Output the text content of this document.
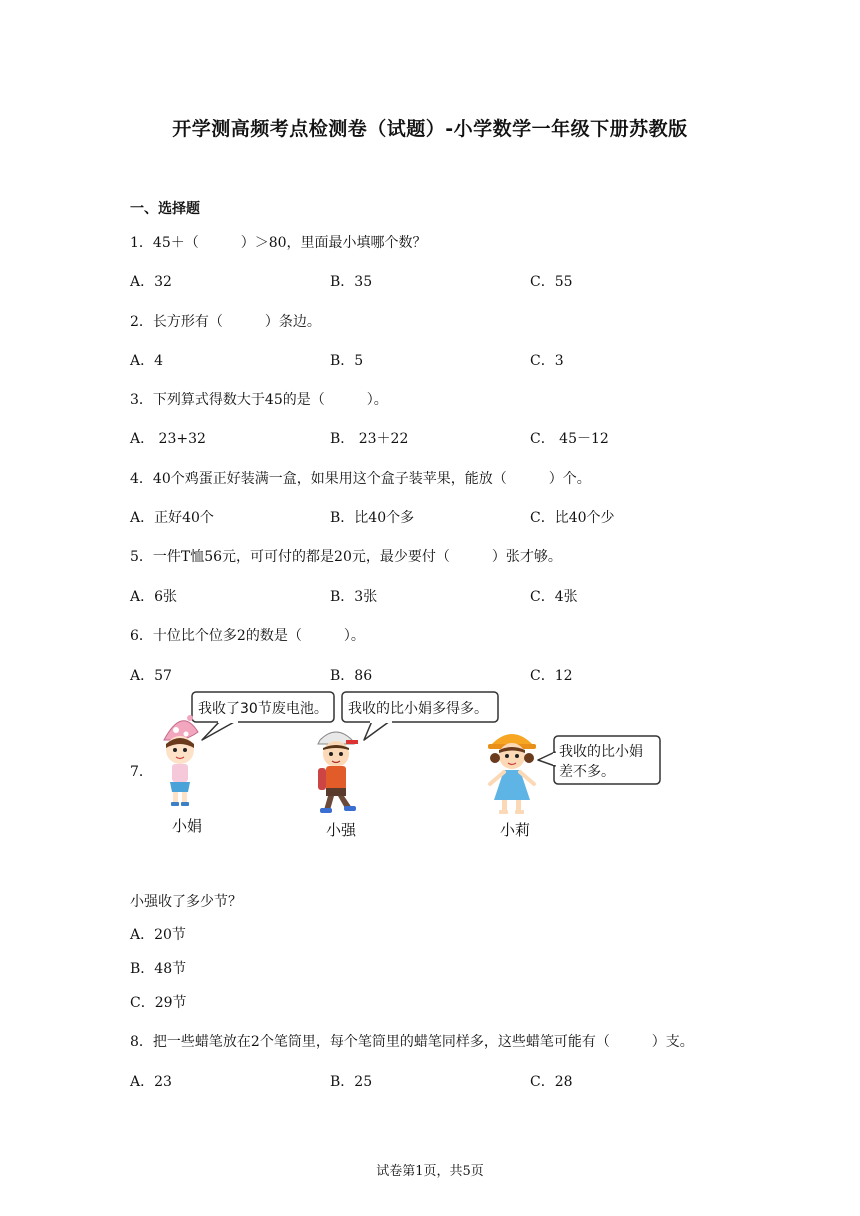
开学测高频考点检测卷（试题）-小学数学一年级下册苏教版
一、选择题
1．45＋（　　　）＞80，里面最小填哪个数？
A．32	B．35	C．55
2．长方形有（　　　）条边。
A．4	B．5	C．3
3．下列算式得数大于45的是（　　　）。
A． 23+32	B． 23＋22	C． 45－12
4．40个鸡蛋正好装满一盒，如果用这个盒子装苹果，能放（　　　）个。
A．正好40个	B．比40个多	C．比40个少
5．一件T恤56元，可可付的都是20元，最少要付（　　　）张才够。
A．6张	B．3张	C．4张
6．十位比个位多2的数是（　　　）。
A．57	B．86	C．12
7．
我收了30节废电池。 我收的比小娟多得多。
我收的比小娟
差不多。
小娟	小强	小莉
小强收了多少节？
A．20节
B．48节
C．29节
8．把一些蜡笔放在2个笔筒里，每个笔筒里的蜡笔同样多，这些蜡笔可能有（　　　）支。
A．23	B．25	C．28
试卷第1页，共5页
